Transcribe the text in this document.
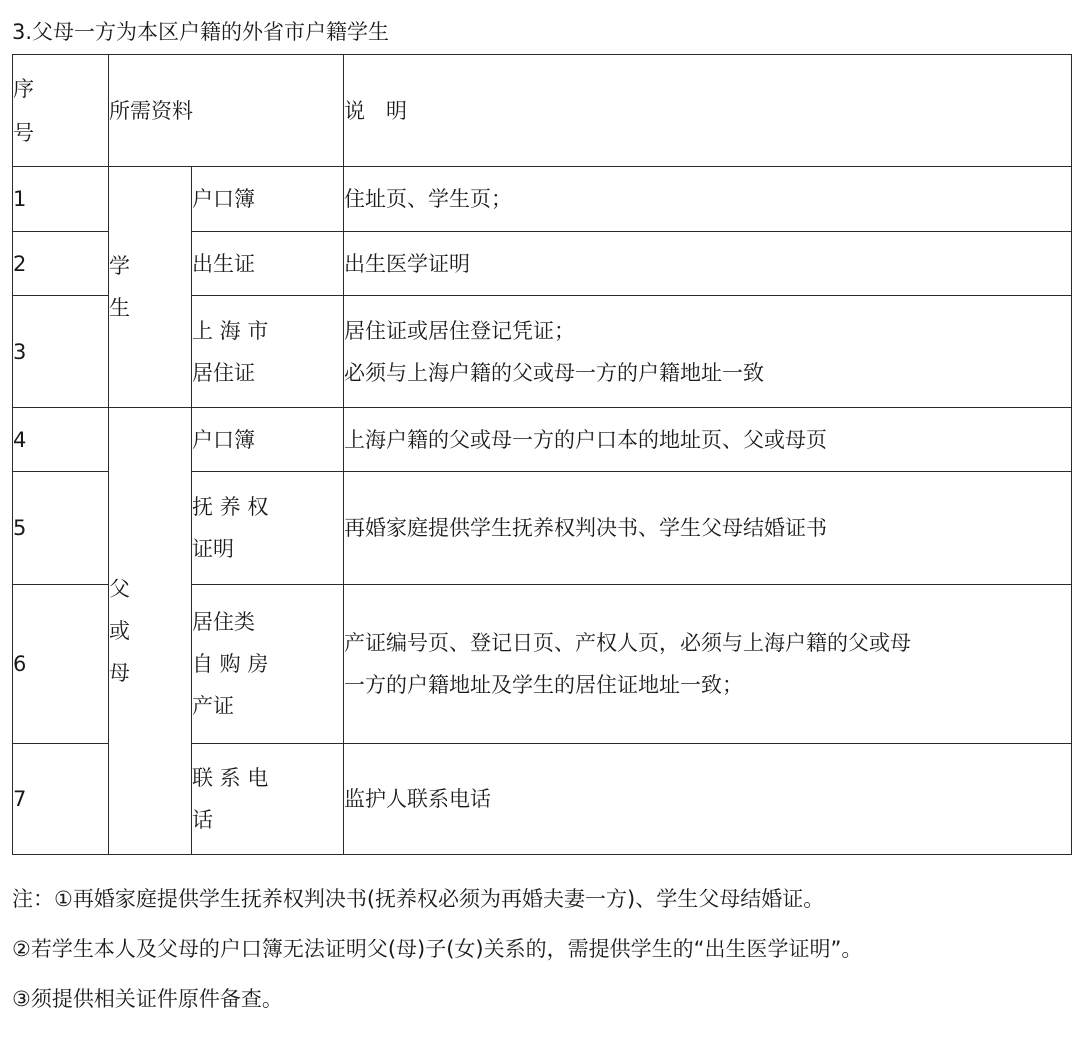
3.父母一方为本区户籍的外省市户籍学生
序
号	所需资料		说　明
1	学
生	户口簿	住址页、学生页；

2		出生证	出生医学证明

3		上 海 市
居住证	居住证或居住登记凭证；
必须与上海户籍的父或母一方的户籍地址一致

4	父
或
母	户口簿	上海户籍的父或母一方的户口本的地址页、父或母页

5		抚 养 权
证明	再婚家庭提供学生抚养权判决书、学生父母结婚证书

6		居住类
自 购 房
产证	产证编号页、登记日页、产权人页，必须与上海户籍的父或母
一方的户籍地址及学生的居住证地址一致；

7		联 系 电
话	监护人联系电话
注：①再婚家庭提供学生抚养权判决书(抚养权必须为再婚夫妻一方)、学生父母结婚证。
②若学生本人及父母的户口簿无法证明父(母)子(女)关系的，需提供学生的“出生医学证明”。
③须提供相关证件原件备查。
